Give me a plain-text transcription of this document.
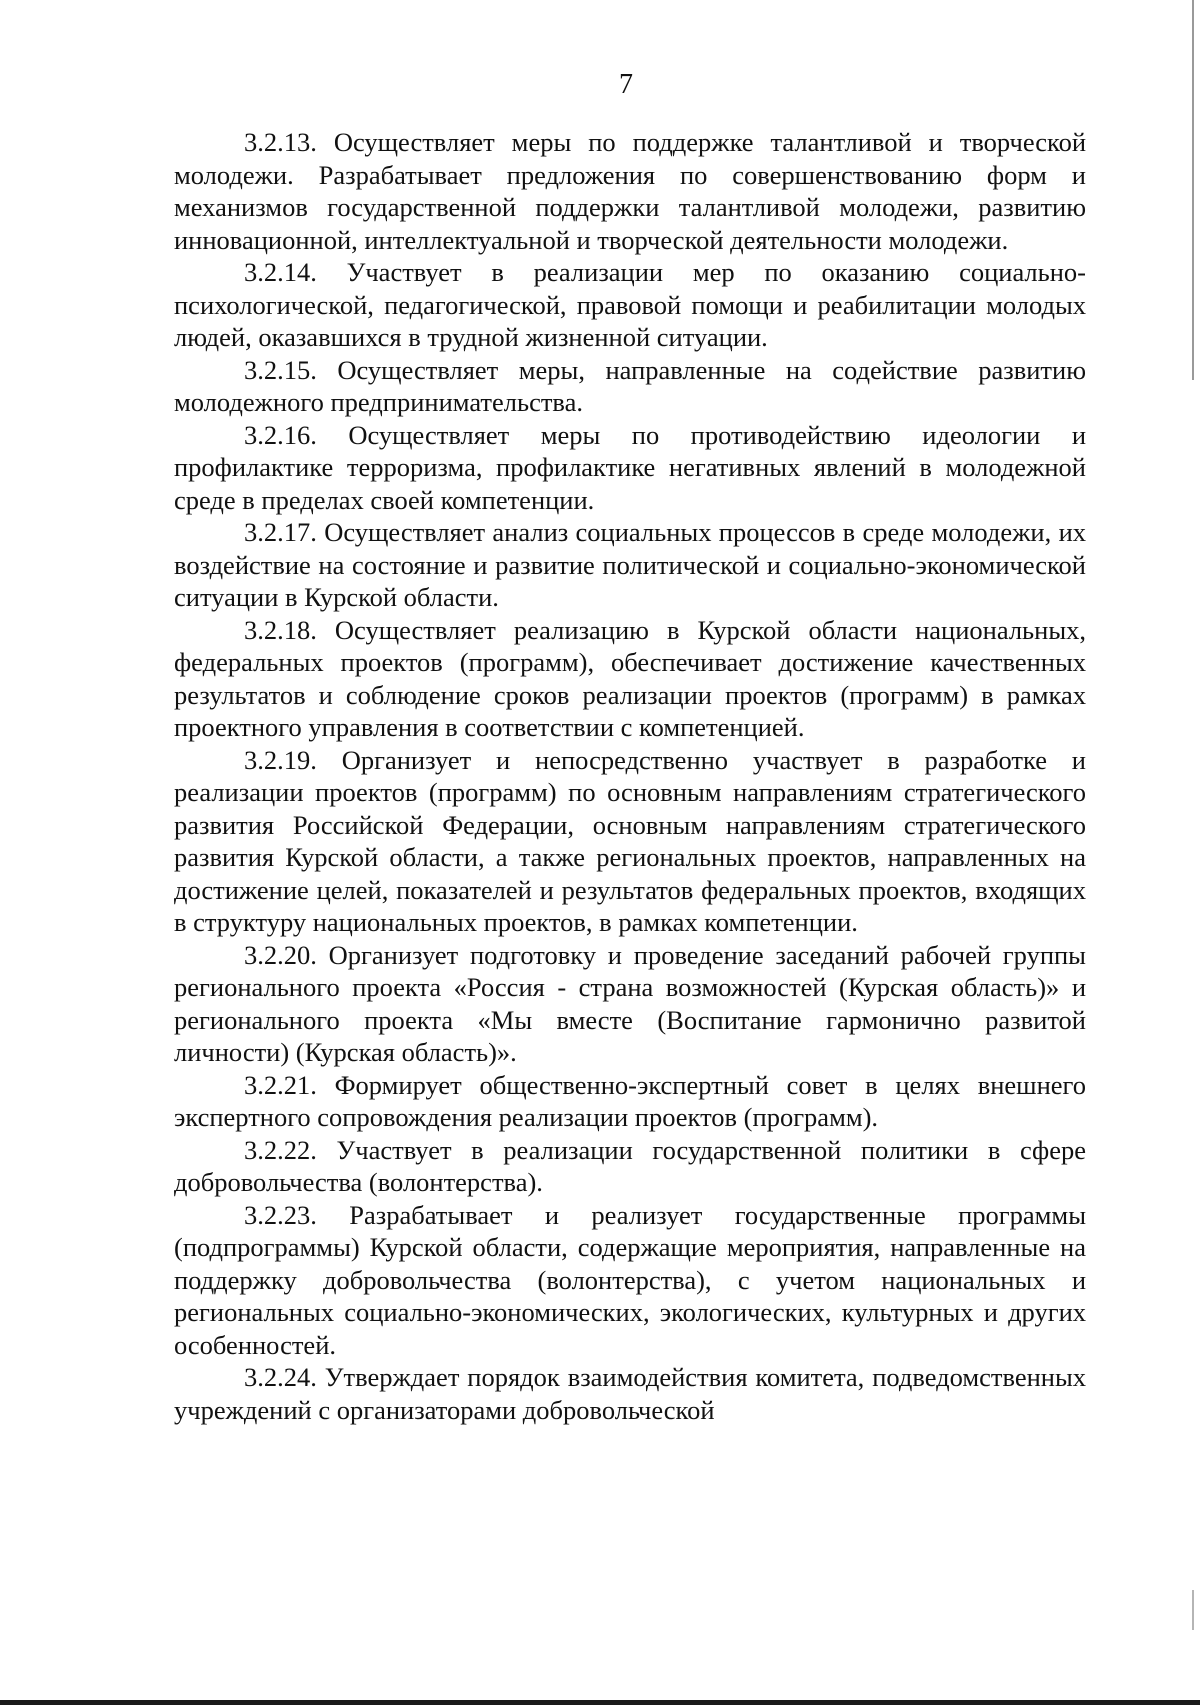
7

3.2.13. Осуществляет меры по поддержке талантливой и творческой молодежи. Разрабатывает предложения по совершенствованию форм и механизмов государственной поддержки талантливой молодежи, развитию инновационной, интеллектуальной и творческой деятельности молодежи.

3.2.14. Участвует в реализации мер по оказанию социально-психологической, педагогической, правовой помощи и реабилитации молодых людей, оказавшихся в трудной жизненной ситуации.

3.2.15. Осуществляет меры, направленные на содействие развитию молодежного предпринимательства.

3.2.16. Осуществляет меры по противодействию идеологии и профилактике терроризма, профилактике негативных явлений в молодежной среде в пределах своей компетенции.

3.2.17. Осуществляет анализ социальных процессов в среде молодежи, их воздействие на состояние и развитие политической и социально-экономической ситуации в Курской области.

3.2.18. Осуществляет реализацию в Курской области национальных, федеральных проектов (программ), обеспечивает достижение качественных результатов и соблюдение сроков реализации проектов (программ) в рамках проектного управления в соответствии с компетенцией.

3.2.19. Организует и непосредственно участвует в разработке и реализации проектов (программ) по основным направлениям стратегического развития Российской Федерации, основным направлениям стратегического развития Курской области, а также региональных проектов, направленных на достижение целей, показателей и результатов федеральных проектов, входящих в структуру национальных проектов, в рамках компетенции.

3.2.20. Организует подготовку и проведение заседаний рабочей группы регионального проекта «Россия - страна возможностей (Курская область)» и регионального проекта «Мы вместе (Воспитание гармонично развитой личности) (Курская область)».

3.2.21. Формирует общественно-экспертный совет в целях внешнего экспертного сопровождения реализации проектов (программ).

3.2.22. Участвует в реализации государственной политики в сфере добровольчества (волонтерства).

3.2.23. Разрабатывает и реализует государственные программы (подпрограммы) Курской области, содержащие мероприятия, направленные на поддержку добровольчества (волонтерства), с учетом национальных и региональных социально-экономических, экологических, культурных и других особенностей.

3.2.24. Утверждает порядок взаимодействия комитета, подведомственных учреждений с организаторами добровольческой
